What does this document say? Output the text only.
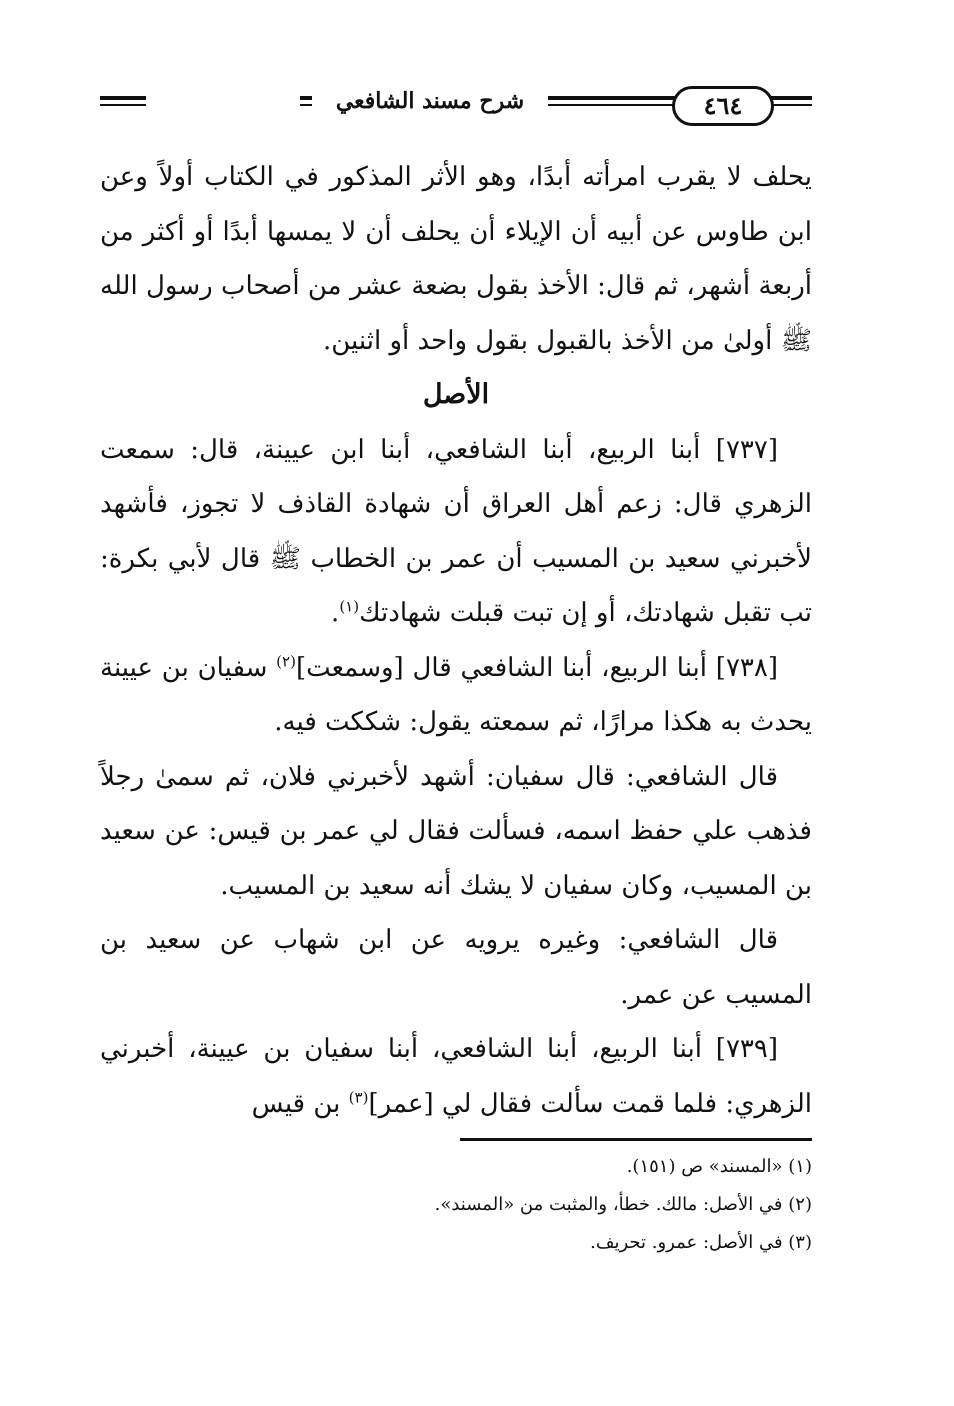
شرح مسند الشافعي	٤٦٤

يحلف لا يقرب امرأته أبدًا، وهو الأثر المذكور في الكتاب أولاً وعن ابن طاوس عن أبيه أن الإيلاء أن يحلف أن لا يمسها أبدًا أو أكثر من أربعة أشهر، ثم قال: الأخذ بقول بضعة عشر من أصحاب رسول الله ﷺ أولىٰ من الأخذ بالقبول بقول واحد أو اثنين.

الأصل

[٧٣٧] أبنا الربيع، أبنا الشافعي، أبنا ابن عيينة، قال: سمعت الزهري قال: زعم أهل العراق أن شهادة القاذف لا تجوز، فأشهد لأخبرني سعيد بن المسيب أن عمر بن الخطاب ﷺ قال لأبي بكرة: تب تقبل شهادتك، أو إن تبت قبلت شهادتك$^{(١)}$.

[٧٣٨] أبنا الربيع، أبنا الشافعي قال [وسمعت]$^{(٢)}$ سفيان بن عيينة يحدث به هكذا مرارًا، ثم سمعته يقول: شككت فيه.

قال الشافعي: قال سفيان: أشهد لأخبرني فلان، ثم سمىٰ رجلاً فذهب علي حفظ اسمه، فسألت فقال لي عمر بن قيس: عن سعيد بن المسيب، وكان سفيان لا يشك أنه سعيد بن المسيب.

قال الشافعي: وغيره يرويه عن ابن شهاب عن سعيد بن المسيب عن عمر.

[٧٣٩] أبنا الربيع، أبنا الشافعي، أبنا سفيان بن عيينة، أخبرني الزهري: فلما قمت سألت فقال لي [عمر]$^{(٣)}$ بن قيس

(١) «المسند» ص (١٥١).
(٢) في الأصل: مالك. خطأ، والمثبت من «المسند».
(٣) في الأصل: عمرو. تحريف.
